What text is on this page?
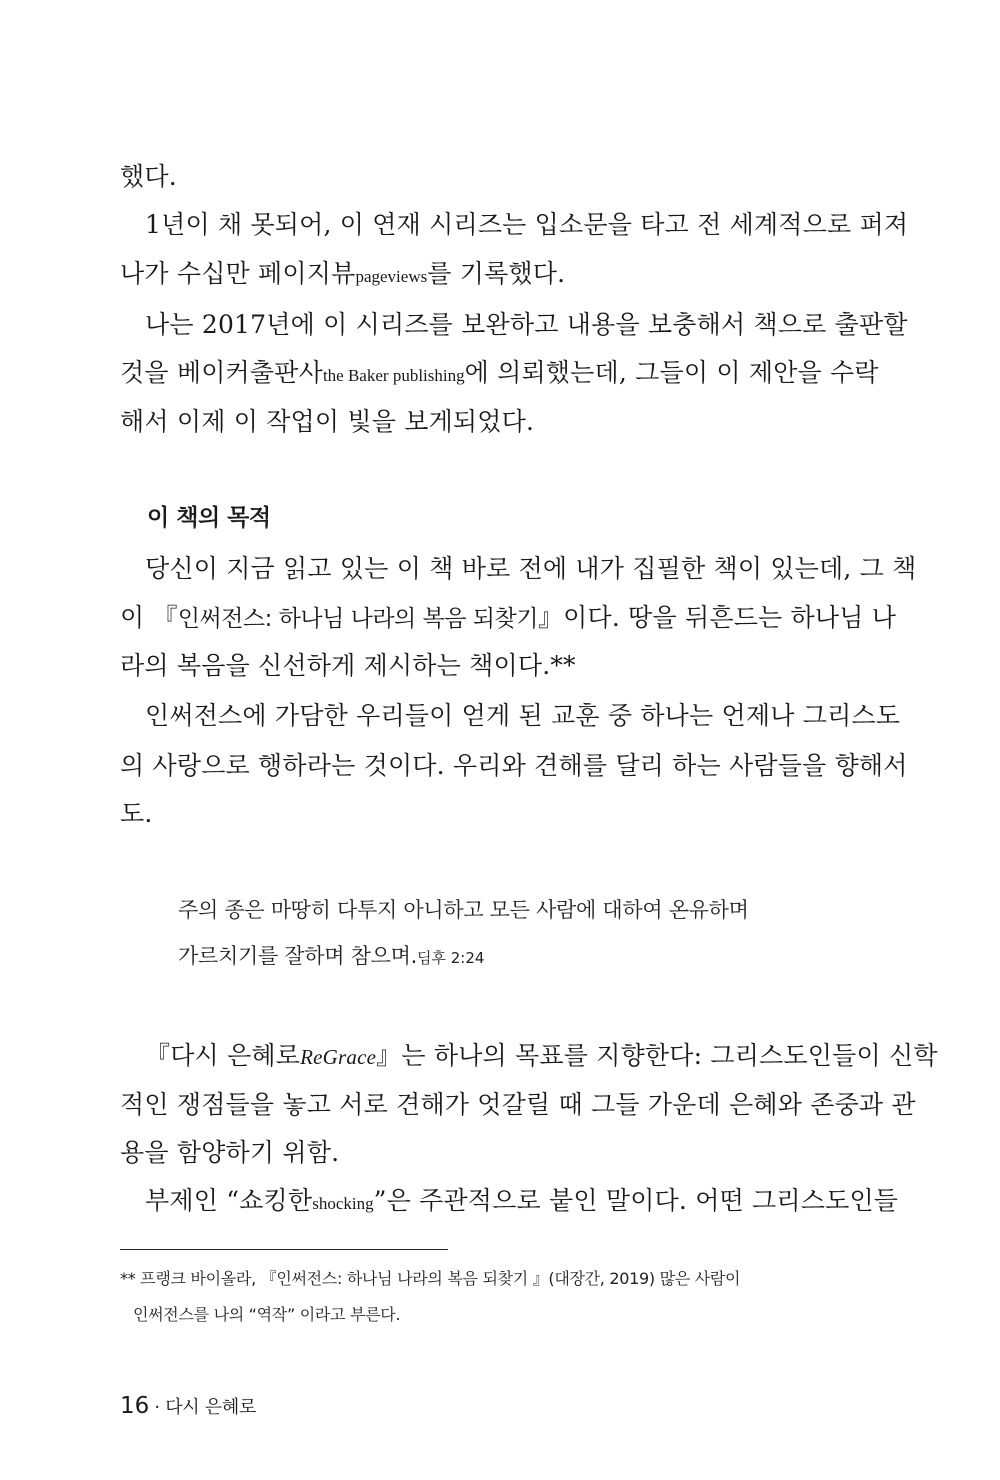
했다.
1년이 채 못되어, 이 연재 시리즈는 입소문을 타고 전 세계적으로 퍼져
나가 수십만 페이지뷰pageviews를 기록했다.
나는 2017년에 이 시리즈를 보완하고 내용을 보충해서 책으로 출판할
것을 베이커출판사the Baker publishing에 의뢰했는데, 그들이 이 제안을 수락
해서 이제 이 작업이 빛을 보게되었다.
이 책의 목적
당신이 지금 읽고 있는 이 책 바로 전에 내가 집필한 책이 있는데, 그 책
이 『인써전스: 하나님 나라의 복음 되찾기』이다. 땅을 뒤흔드는 하나님 나
라의 복음을 신선하게 제시하는 책이다.**
인써전스에 가담한 우리들이 얻게 된 교훈 중 하나는 언제나 그리스도
의 사랑으로 행하라는 것이다. 우리와 견해를 달리 하는 사람들을 향해서
도.
주의 종은 마땅히 다투지 아니하고 모든 사람에 대하여 온유하며
가르치기를 잘하며 참으며.딤후 2:24
『다시 은혜로ReGrace』는 하나의 목표를 지향한다: 그리스도인들이 신학
적인 쟁점들을 놓고 서로 견해가 엇갈릴 때 그들 가운데 은혜와 존중과 관
용을 함양하기 위함.
부제인 “쇼킹한shocking”은 주관적으로 붙인 말이다. 어떤 그리스도인들
** 프랭크 바이올라, 『인써전스: 하나님 나라의 복음 되찾기 』(대장간, 2019) 많은 사람이
인써전스를 나의 “역작” 이라고 부른다.
16 · 다시 은혜로
